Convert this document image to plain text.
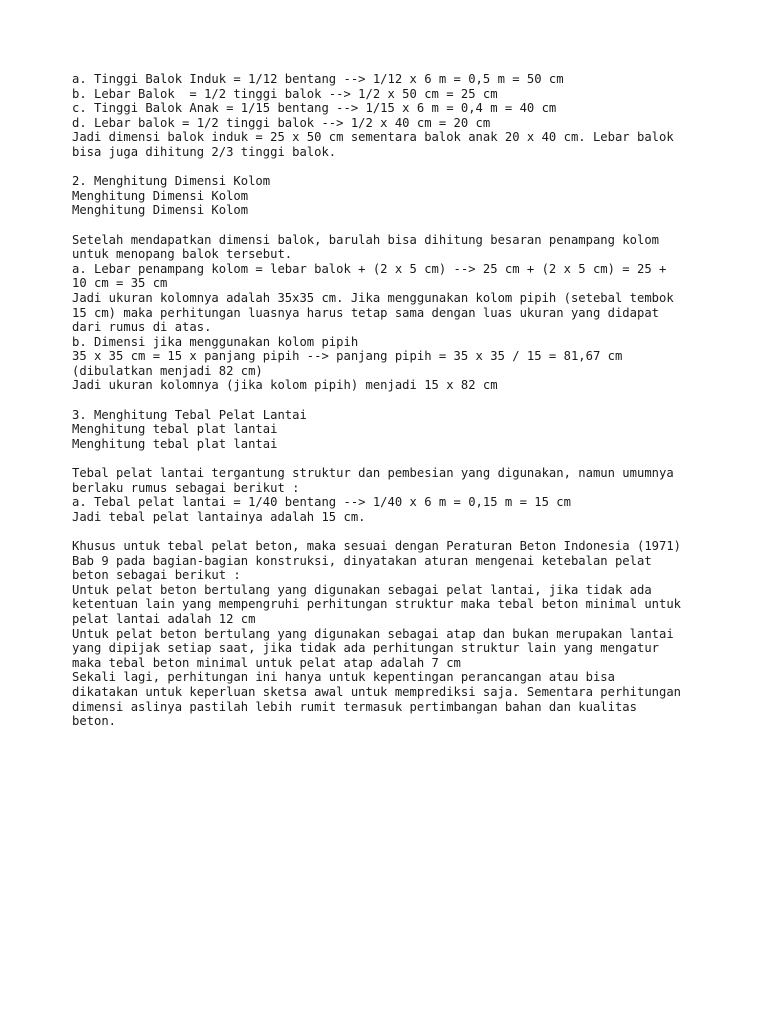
a. Tinggi Balok Induk = 1/12 bentang --> 1/12 x 6 m = 0,5 m = 50 cm
b. Lebar Balok  = 1/2 tinggi balok --> 1/2 x 50 cm = 25 cm
c. Tinggi Balok Anak = 1/15 bentang --> 1/15 x 6 m = 0,4 m = 40 cm
d. Lebar balok = 1/2 tinggi balok --> 1/2 x 40 cm = 20 cm
Jadi dimensi balok induk = 25 x 50 cm sementara balok anak 20 x 40 cm. Lebar balok
bisa juga dihitung 2/3 tinggi balok.
2. Menghitung Dimensi Kolom
Menghitung Dimensi Kolom
Menghitung Dimensi Kolom
Setelah mendapatkan dimensi balok, barulah bisa dihitung besaran penampang kolom
untuk menopang balok tersebut.
a. Lebar penampang kolom = lebar balok + (2 x 5 cm) --> 25 cm + (2 x 5 cm) = 25 +
10 cm = 35 cm
Jadi ukuran kolomnya adalah 35x35 cm. Jika menggunakan kolom pipih (setebal tembok
15 cm) maka perhitungan luasnya harus tetap sama dengan luas ukuran yang didapat
dari rumus di atas.
b. Dimensi jika menggunakan kolom pipih
35 x 35 cm = 15 x panjang pipih --> panjang pipih = 35 x 35 / 15 = 81,67 cm
(dibulatkan menjadi 82 cm)
Jadi ukuran kolomnya (jika kolom pipih) menjadi 15 x 82 cm
3. Menghitung Tebal Pelat Lantai
Menghitung tebal plat lantai
Menghitung tebal plat lantai
Tebal pelat lantai tergantung struktur dan pembesian yang digunakan, namun umumnya
berlaku rumus sebagai berikut :
a. Tebal pelat lantai = 1/40 bentang --> 1/40 x 6 m = 0,15 m = 15 cm
Jadi tebal pelat lantainya adalah 15 cm.
Khusus untuk tebal pelat beton, maka sesuai dengan Peraturan Beton Indonesia (1971)
Bab 9 pada bagian-bagian konstruksi, dinyatakan aturan mengenai ketebalan pelat
beton sebagai berikut :
Untuk pelat beton bertulang yang digunakan sebagai pelat lantai, jika tidak ada
ketentuan lain yang mempengruhi perhitungan struktur maka tebal beton minimal untuk
pelat lantai adalah 12 cm
Untuk pelat beton bertulang yang digunakan sebagai atap dan bukan merupakan lantai
yang dipijak setiap saat, jika tidak ada perhitungan struktur lain yang mengatur
maka tebal beton minimal untuk pelat atap adalah 7 cm
Sekali lagi, perhitungan ini hanya untuk kepentingan perancangan atau bisa
dikatakan untuk keperluan sketsa awal untuk memprediksi saja. Sementara perhitungan
dimensi aslinya pastilah lebih rumit termasuk pertimbangan bahan dan kualitas
beton.
